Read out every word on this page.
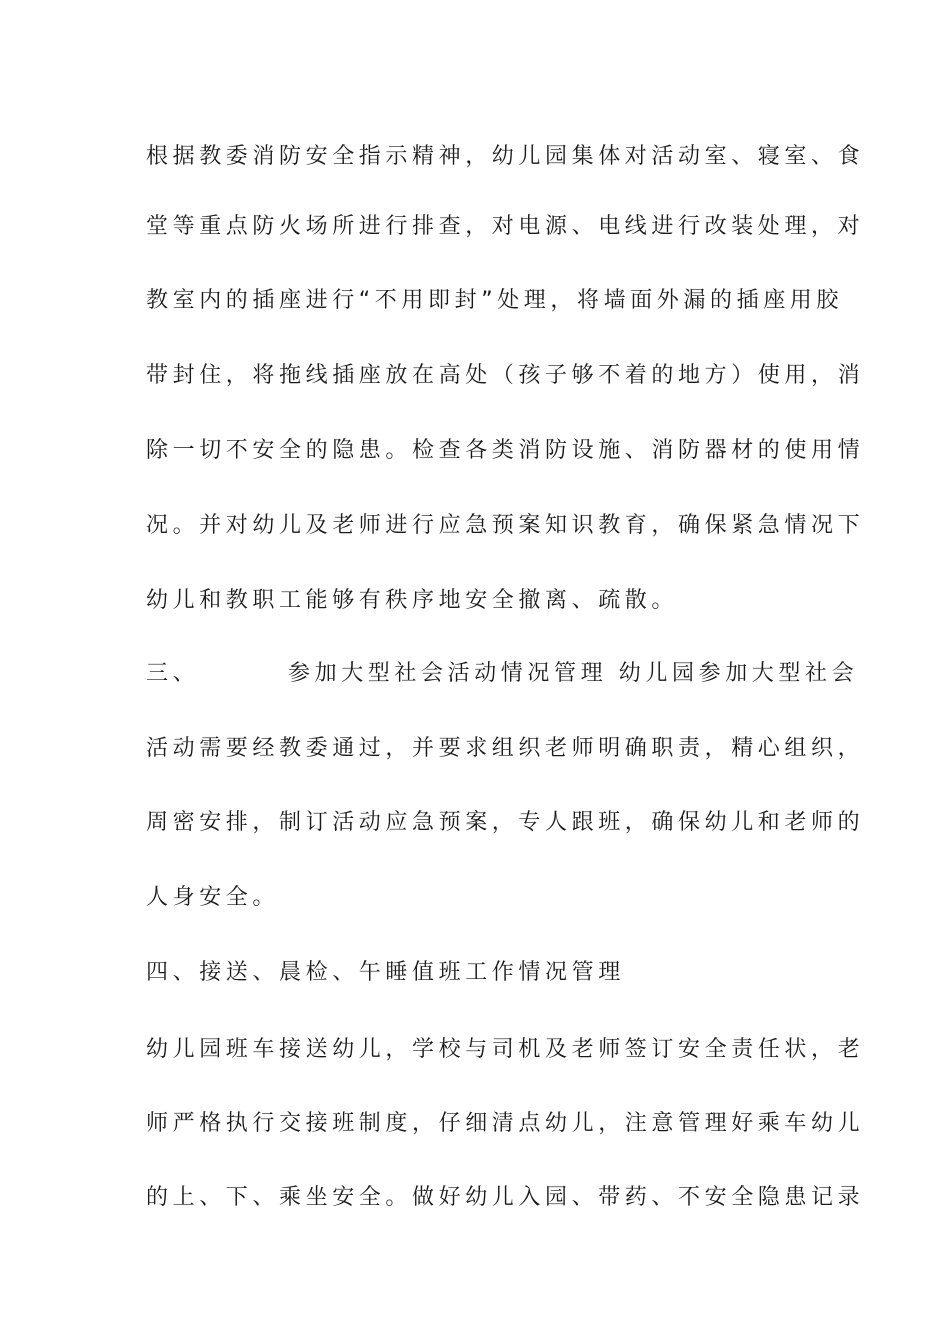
根据教委消防安全指示精神，幼儿园集体对活动室、寝室、食
堂等重点防火场所进行排查，对电源、电线进行改装处理，对
教室内的插座进行“不用即封”处理，将墙面外漏的插座用胶
带封住，将拖线插座放在高处（孩子够不着的地方）使用，消
除一切不安全的隐患。检查各类消防设施、消防器材的使用情
况。并对幼儿及老师进行应急预案知识教育，确保紧急情况下
幼儿和教职工能够有秩序地安全撤离、疏散。
三、	参加大型社会活动情况管理 幼儿园参加大型社会
活动需要经教委通过，并要求组织老师明确职责，精心组织，
周密安排，制订活动应急预案，专人跟班，确保幼儿和老师的
人身安全。
四、接送、晨检、午睡值班工作情况管理
幼儿园班车接送幼儿，学校与司机及老师签订安全责任状，老
师严格执行交接班制度，仔细清点幼儿，注意管理好乘车幼儿
的上、下、乘坐安全。做好幼儿入园、带药、不安全隐患记录
